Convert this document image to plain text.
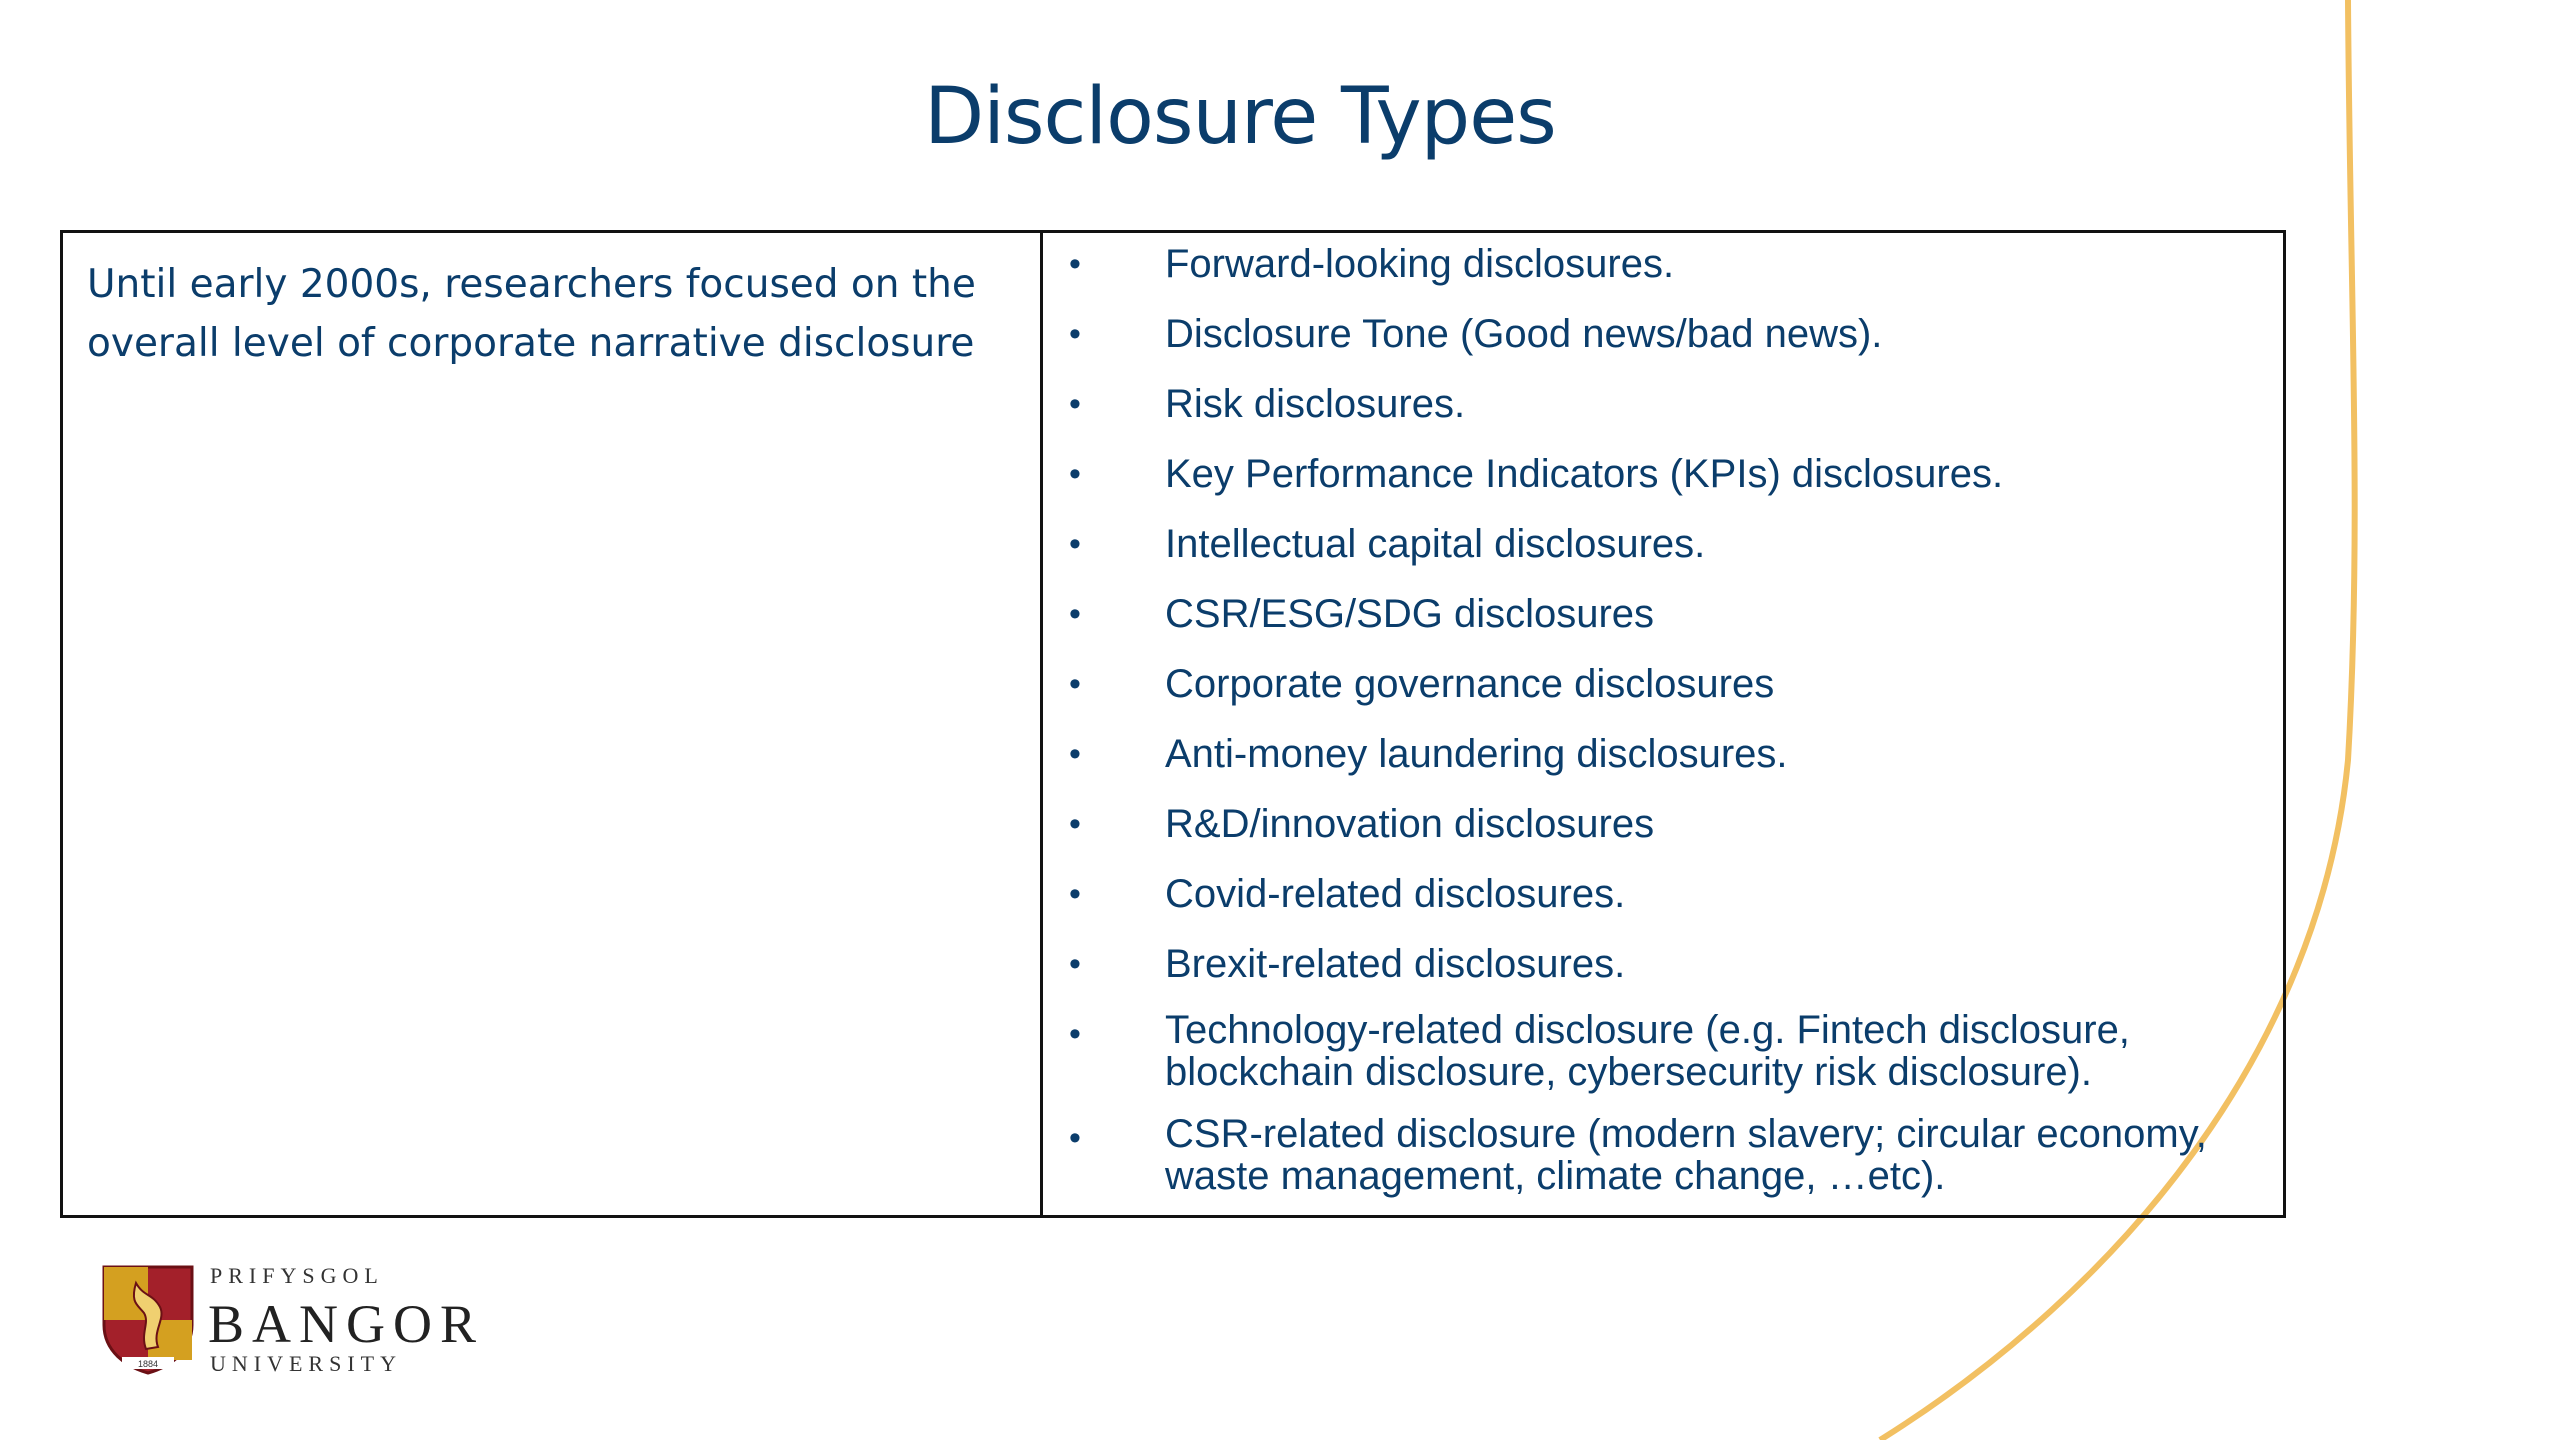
Disclosure Types
Until early 2000s, researchers focused on the overall level of corporate narrative disclosure
•	Forward-looking disclosures.
•	Disclosure Tone (Good news/bad news).
•	Risk disclosures.
•	Key Performance Indicators (KPIs) disclosures.
•	Intellectual capital disclosures.
•	CSR/ESG/SDG disclosures
•	Corporate governance disclosures
•	Anti-money laundering disclosures.
•	R&D/innovation disclosures
•	Covid-related disclosures.
•	Brexit-related disclosures.
•	Technology-related disclosure (e.g. Fintech disclosure, blockchain disclosure, cybersecurity risk disclosure).
•	CSR-related disclosure (modern slavery; circular economy, waste management, climate change, …etc).
1884
PRIFYSGOL
BANGOR
UNIVERSITY
